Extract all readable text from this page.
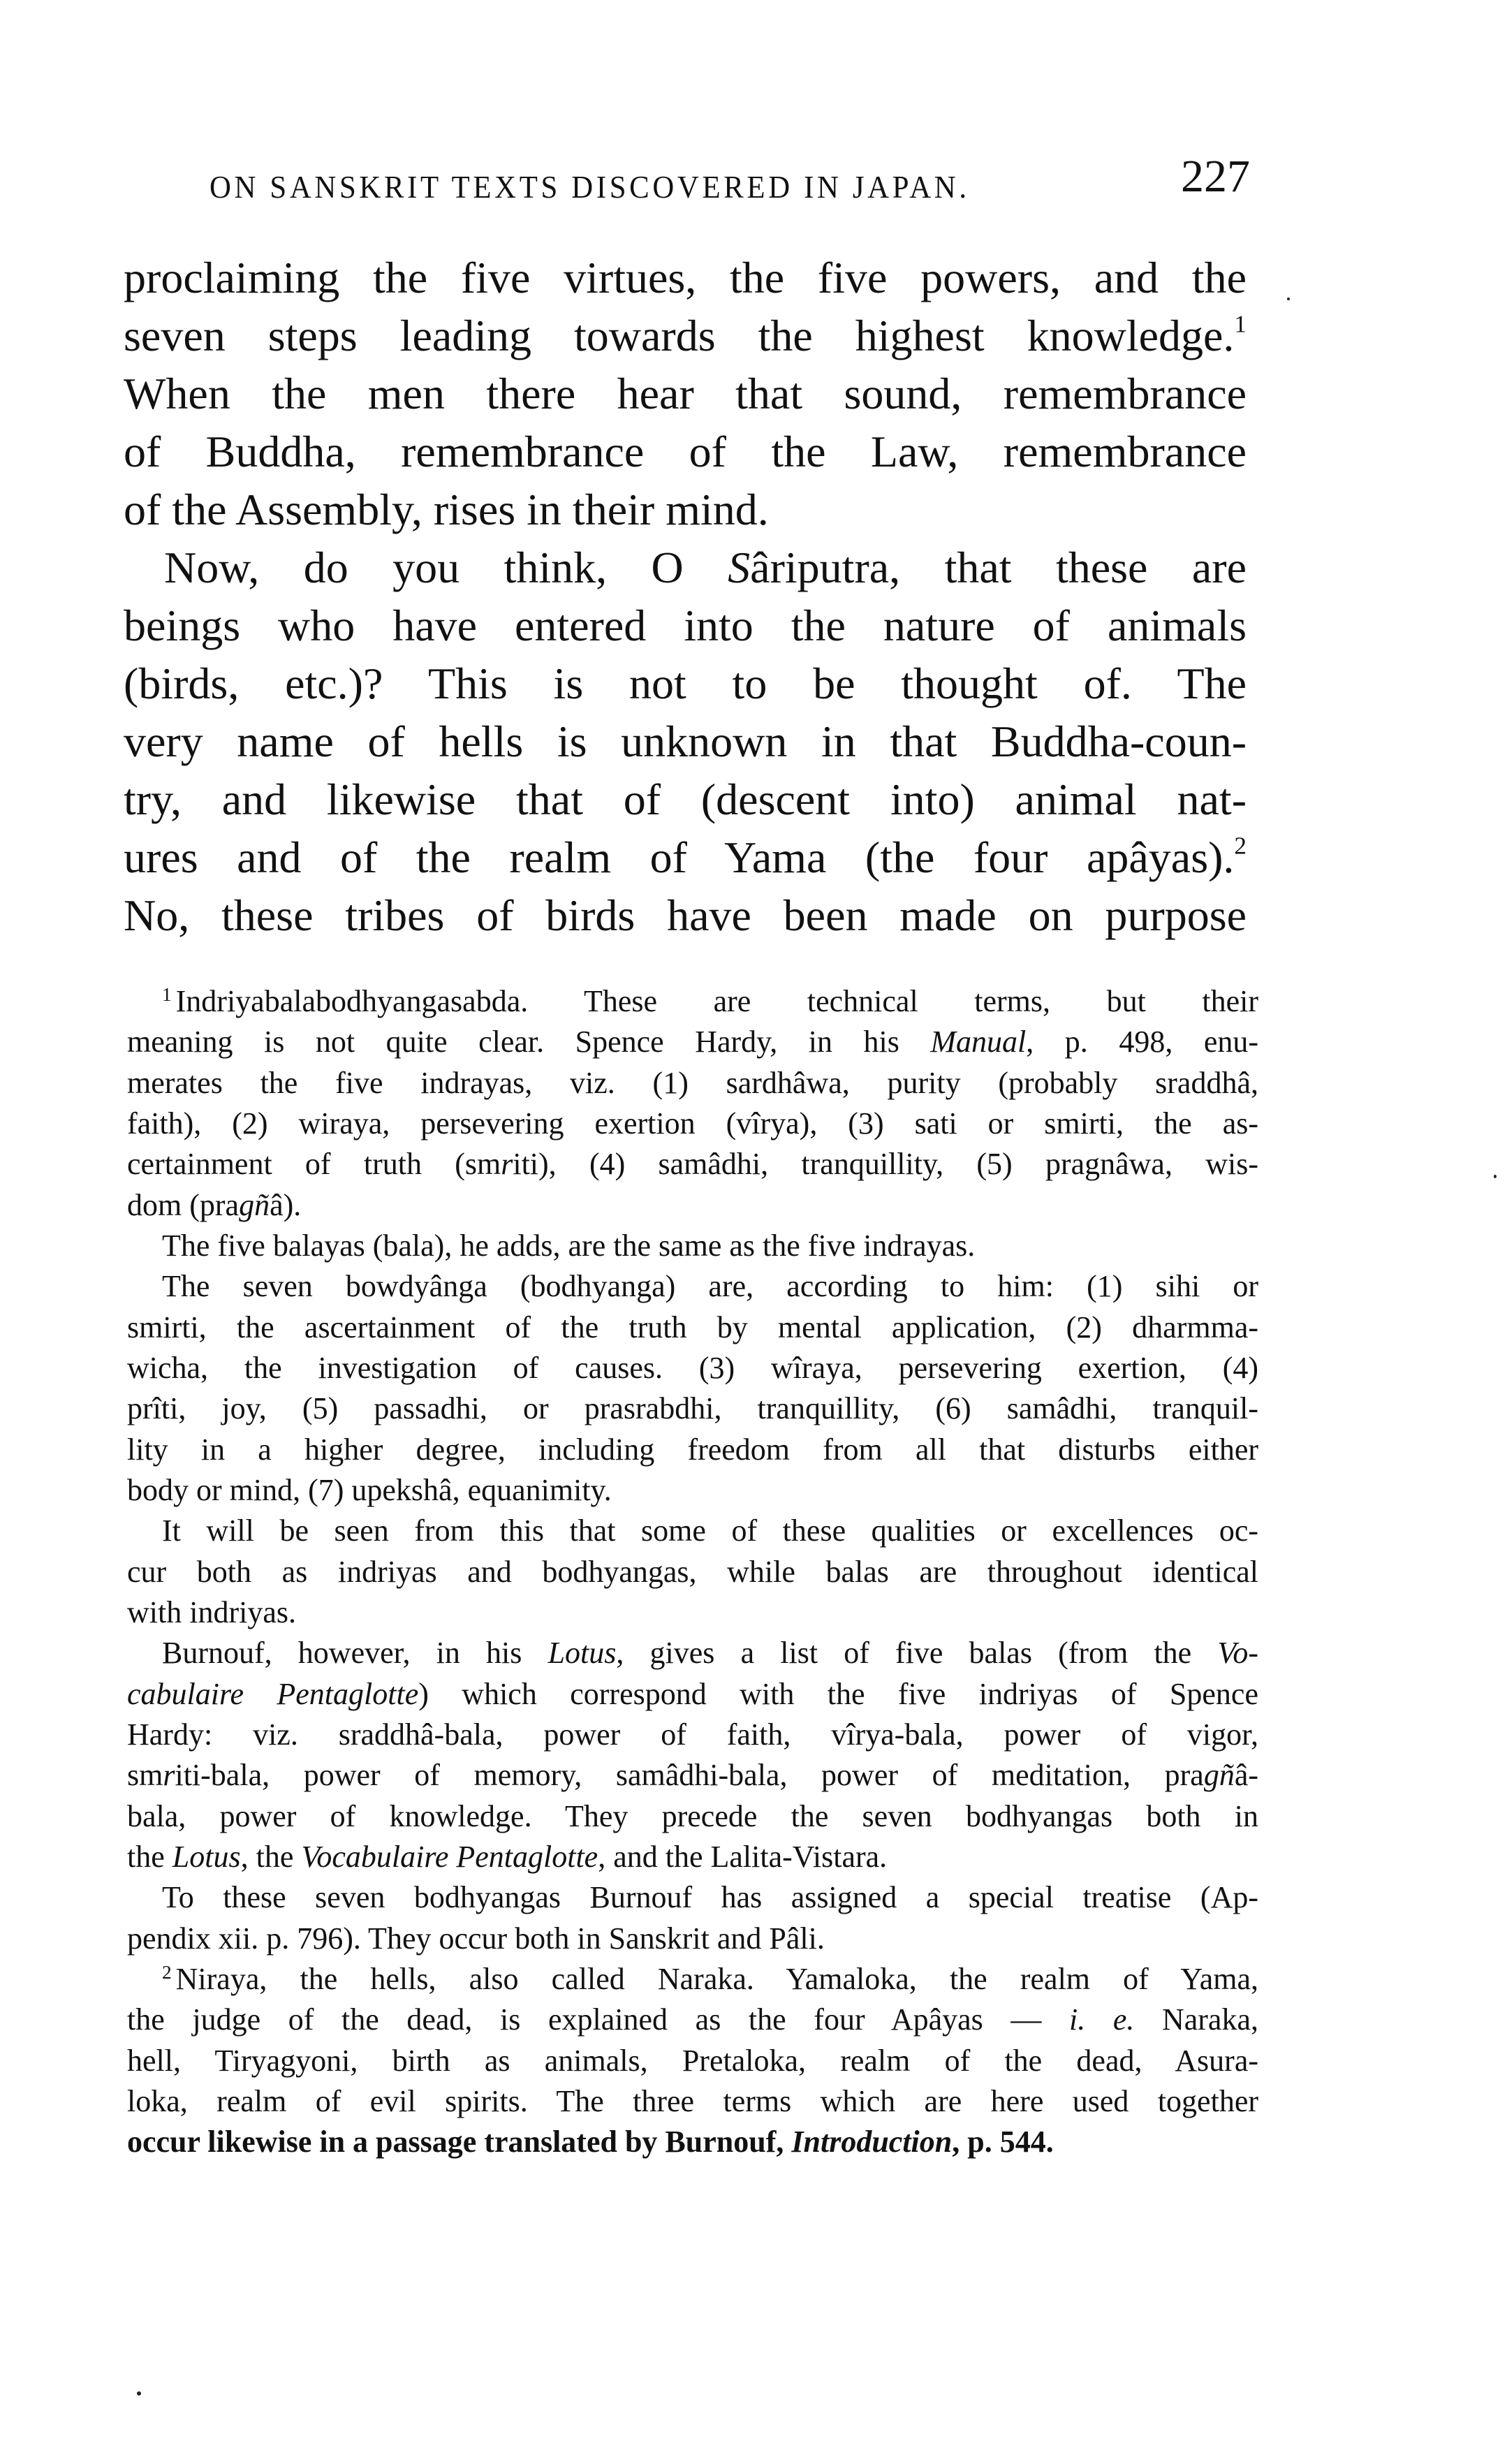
ON SANSKRIT TEXTS DISCOVERED IN JAPAN.	227
proclaiming the five virtues, the five powers, and the
seven steps leading towards the highest knowledge.$^1$
When the men there hear that sound, remembrance
of Buddha, remembrance of the Law, remembrance
of the Assembly, rises in their mind.
Now, do you think, O Sâriputra, that these are
beings who have entered into the nature of animals
(birds, etc.)? This is not to be thought of. The
very name of hells is unknown in that Buddha-coun-
try, and likewise that of (descent into) animal nat-
ures and of the realm of Yama (the four apâyas).$^2$
No, these tribes of birds have been made on purpose
$^1$ Indriyabalabodhyangasabda. These are technical terms, but their
meaning is not quite clear. Spence Hardy, in his Manual, p. 498, enu-
merates the five indrayas, viz. (1) sardhâwa, purity (probably sraddhâ,
faith), (2) wiraya, persevering exertion (vîrya), (3) sati or smirti, the as-
certainment of truth (smriti), (4) samâdhi, tranquillity, (5) pragnâwa, wis-
dom (pragñâ).
The five balayas (bala), he adds, are the same as the five indrayas.
The seven bowdyânga (bodhyanga) are, according to him: (1) sihi or
smirti, the ascertainment of the truth by mental application, (2) dharmma-
wicha, the investigation of causes. (3) wîraya, persevering exertion, (4)
prîti, joy, (5) passadhi, or prasrabdhi, tranquillity, (6) samâdhi, tranquil-
lity in a higher degree, including freedom from all that disturbs either
body or mind, (7) upekshâ, equanimity.
It will be seen from this that some of these qualities or excellences oc-
cur both as indriyas and bodhyangas, while balas are throughout identical
with indriyas.
Burnouf, however, in his Lotus, gives a list of five balas (from the Vo-
cabulaire Pentaglotte) which correspond with the five indriyas of Spence
Hardy: viz. sraddhâ-bala, power of faith, vîrya-bala, power of vigor,
smriti-bala, power of memory, samâdhi-bala, power of meditation, pragñâ-
bala, power of knowledge. They precede the seven bodhyangas both in
the Lotus, the Vocabulaire Pentaglotte, and the Lalita-Vistara.
To these seven bodhyangas Burnouf has assigned a special treatise (Ap-
pendix xii. p. 796). They occur both in Sanskrit and Pâli.
$^2$ Niraya, the hells, also called Naraka. Yamaloka, the realm of Yama,
the judge of the dead, is explained as the four Apâyas — i. e. Naraka,
hell, Tiryagyoni, birth as animals, Pretaloka, realm of the dead, Asura-
loka, realm of evil spirits. The three terms which are here used together
occur likewise in a passage translated by Burnouf, Introduction, p. 544.
